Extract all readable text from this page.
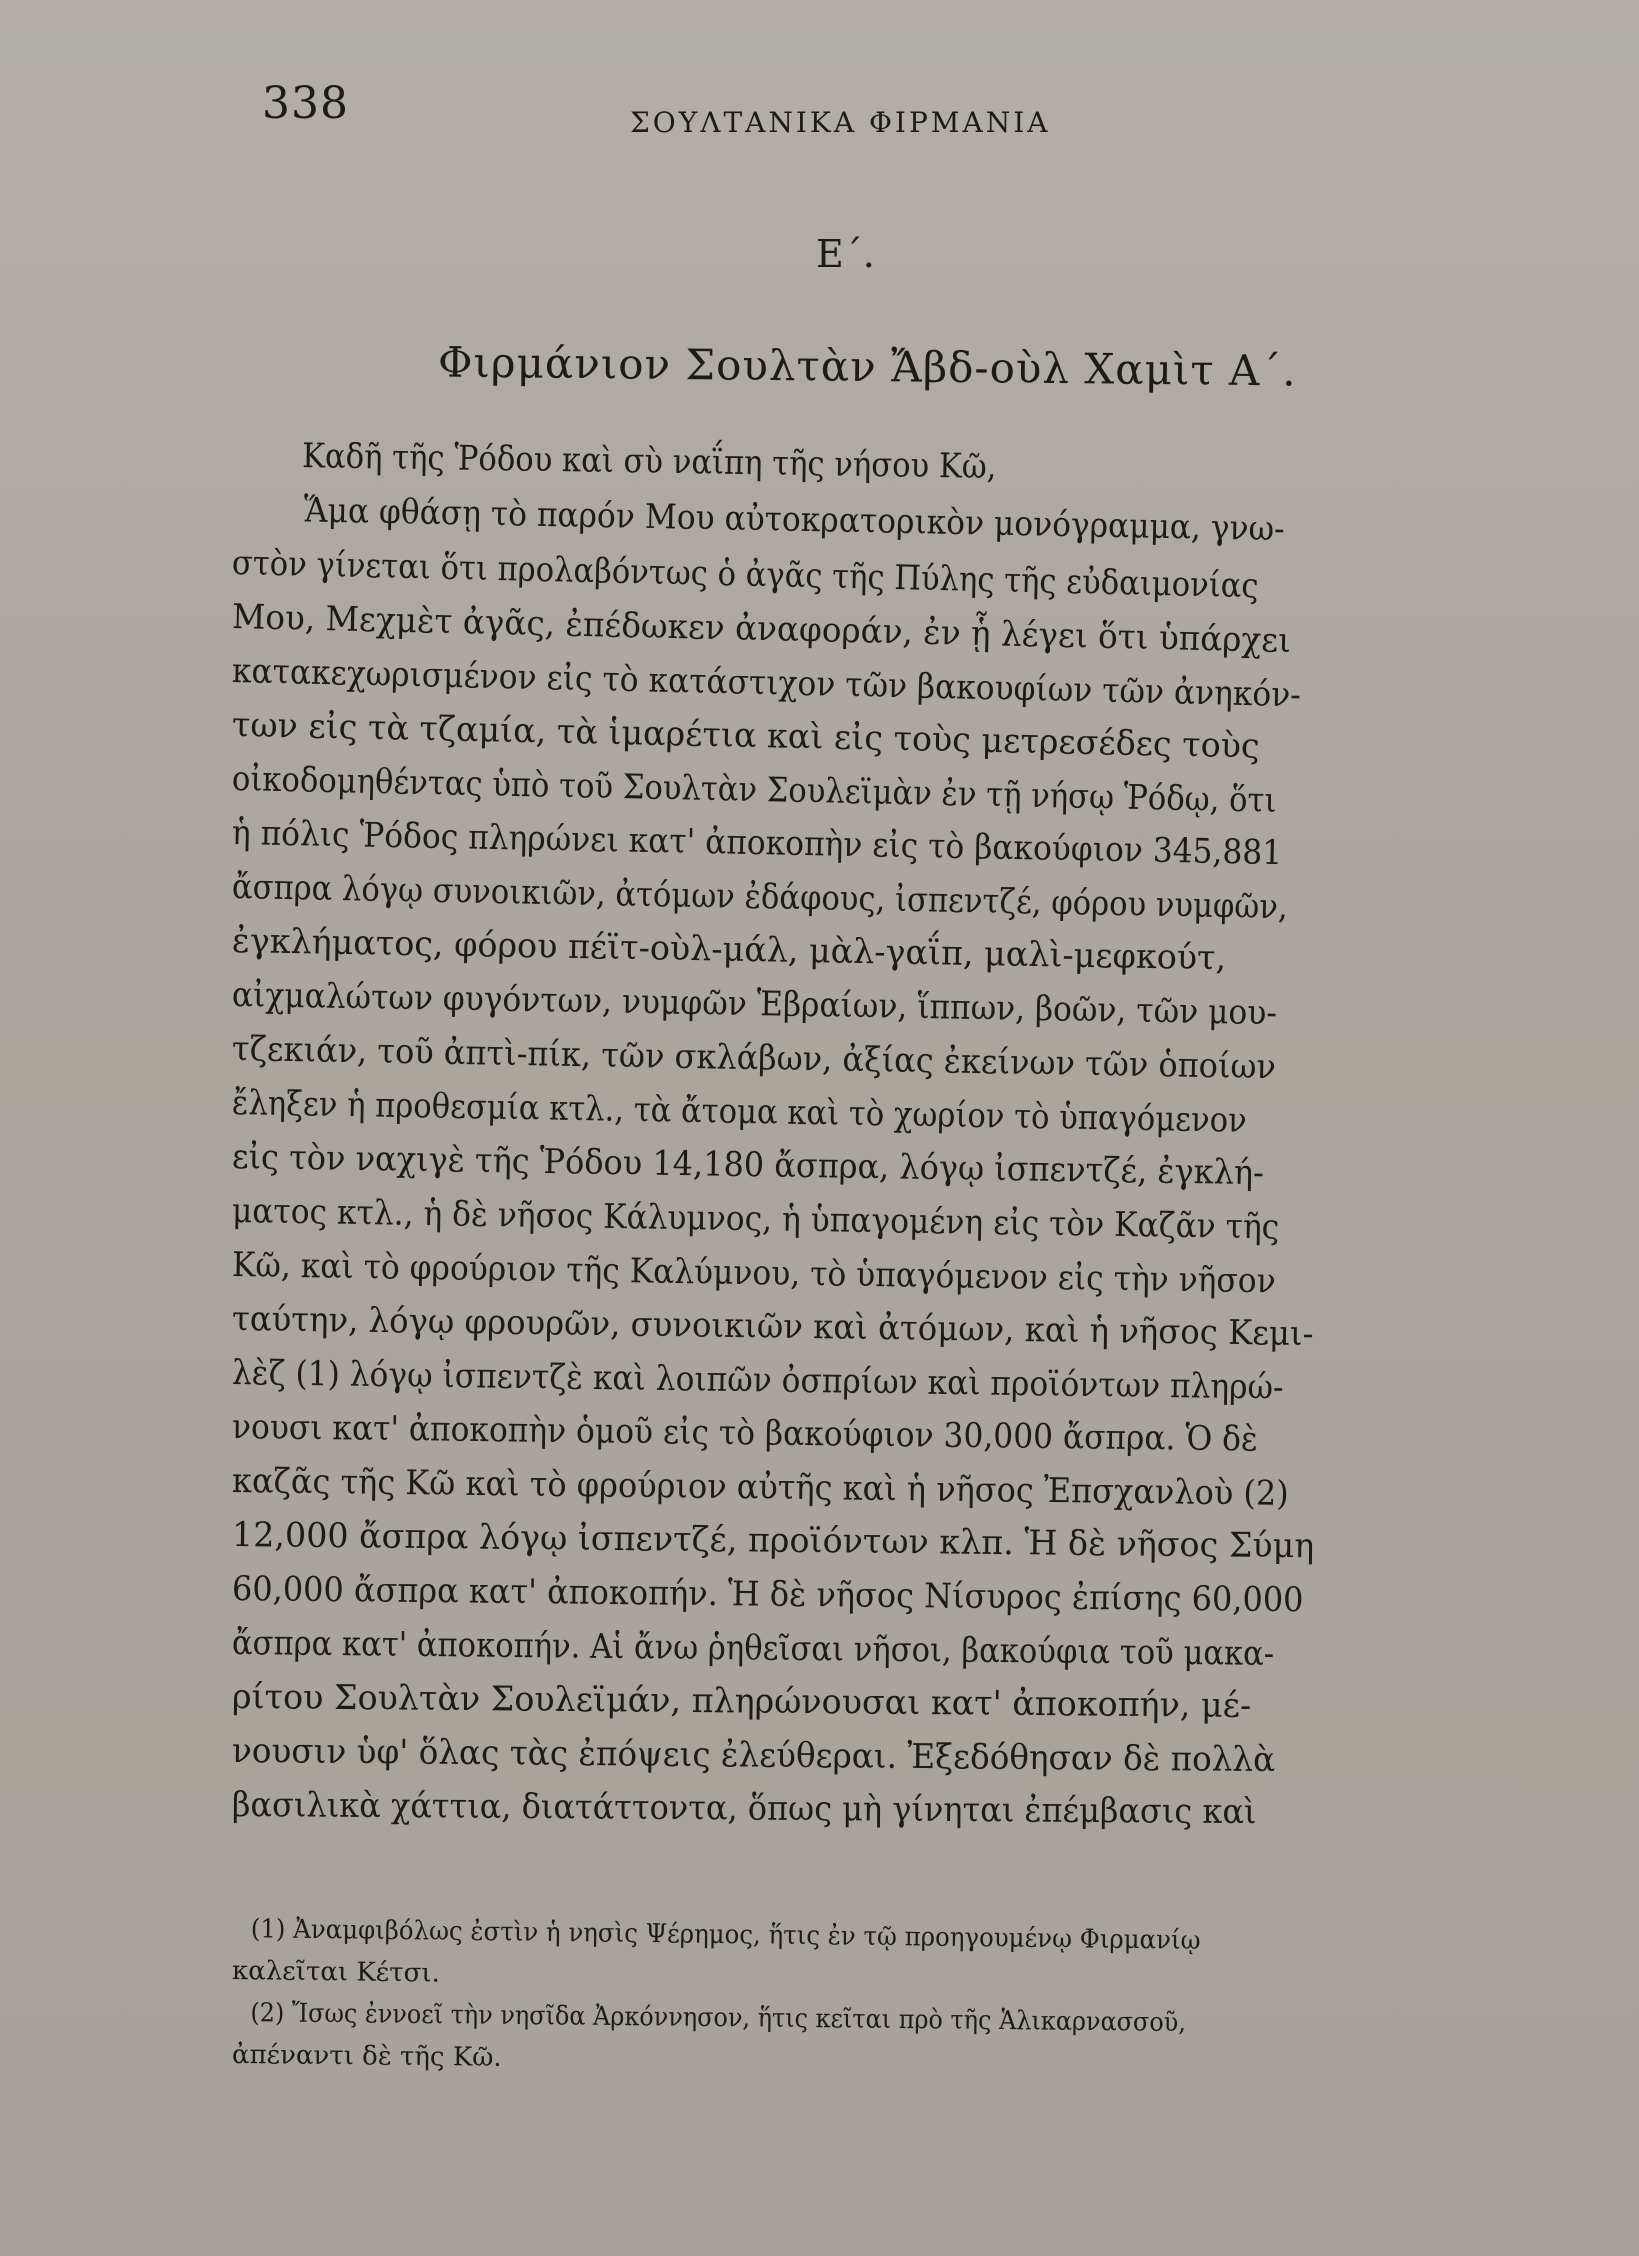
338	ΣΟΥΛΤΑΝΙΚΑ ΦΙΡΜΑΝΙΑ
Ε΄.
Φιρμάνιον Σουλτὰν Ἄβδ-οὺλ Χαμὶτ Α΄.
Καδῆ τῆς Ῥόδου καὶ σὺ ναΐπη τῆς νήσου Κῶ,
Ἅμα φθάσῃ τὸ παρόν Μου αὐτοκρατορικὸν μονόγραμμα, γνω-
στὸν γίνεται ὅτι προλαβόντως ὁ ἀγᾶς τῆς Πύλης τῆς εὐδαιμονίας
Μου, Μεχμὲτ ἀγᾶς, ἐπέδωκεν ἀναφοράν, ἐν ᾗ λέγει ὅτι ὑπάρχει
κατακεχωρισμένον εἰς τὸ κατάστιχον τῶν βακουφίων τῶν ἀνηκόν-
των εἰς τὰ τζαμία, τὰ ἱμαρέτια καὶ εἰς τοὺς μετρεσέδες τοὺς
οἰκοδομηθέντας ὑπὸ τοῦ Σουλτὰν Σουλεϊμὰν ἐν τῇ νήσῳ Ῥόδῳ, ὅτι
ἡ πόλις Ῥόδος πληρώνει κατ' ἀποκοπὴν εἰς τὸ βακούφιον 345,881
ἄσπρα λόγῳ συνοικιῶν, ἀτόμων ἐδάφους, ἰσπεντζέ, φόρου νυμφῶν,
ἐγκλήματος, φόρου πέϊτ-οὺλ-μάλ, μὰλ-γαΐπ, μαλὶ-μεφκούτ,
αἰχμαλώτων φυγόντων, νυμφῶν Ἑβραίων, ἵππων, βοῶν, τῶν μου-
τζεκιάν, τοῦ ἀπτὶ-πίκ, τῶν σκλάβων, ἀξίας ἐκείνων τῶν ὁποίων
ἔληξεν ἡ προθεσμία κτλ., τὰ ἄτομα καὶ τὸ χωρίον τὸ ὑπαγόμενον
εἰς τὸν ναχιγὲ τῆς Ῥόδου 14,180 ἄσπρα, λόγῳ ἰσπεντζέ, ἐγκλή-
ματος κτλ., ἡ δὲ νῆσος Κάλυμνος, ἡ ὑπαγομένη εἰς τὸν Καζᾶν τῆς
Κῶ, καὶ τὸ φρούριον τῆς Καλύμνου, τὸ ὑπαγόμενον εἰς τὴν νῆσον
ταύτην, λόγῳ φρουρῶν, συνοικιῶν καὶ ἀτόμων, καὶ ἡ νῆσος Κεμι-
λὲζ (1) λόγῳ ἰσπεντζὲ καὶ λοιπῶν ὀσπρίων καὶ προϊόντων πληρώ-
νουσι κατ' ἀποκοπὴν ὁμοῦ εἰς τὸ βακούφιον 30,000 ἄσπρα. Ὁ δὲ
καζᾶς τῆς Κῶ καὶ τὸ φρούριον αὐτῆς καὶ ἡ νῆσος Ἐπσχανλοὺ (2)
12,000 ἄσπρα λόγῳ ἰσπεντζέ, προϊόντων κλπ. Ἡ δὲ νῆσος Σύμη
60,000 ἄσπρα κατ' ἀποκοπήν. Ἡ δὲ νῆσος Νίσυρος ἐπίσης 60,000
ἄσπρα κατ' ἀποκοπήν. Αἱ ἄνω ῥηθεῖσαι νῆσοι, βακούφια τοῦ μακα-
ρίτου Σουλτὰν Σουλεϊμάν, πληρώνουσαι κατ' ἀποκοπήν, μέ-
νουσιν ὑφ' ὅλας τὰς ἐπόψεις ἐλεύθεραι. Ἐξεδόθησαν δὲ πολλὰ
βασιλικὰ χάττια, διατάττοντα, ὅπως μὴ γίνηται ἐπέμβασις καὶ
(1) Ἀναμφιβόλως ἐστὶν ἡ νησὶς Ψέρημος, ἥτις ἐν τῷ προηγουμένῳ Φιρμανίῳ
καλεῖται Κέτσι.
(2) Ἴσως ἐννοεῖ τὴν νησῖδα Ἀρκόννησον, ἥτις κεῖται πρὸ τῆς Ἁλικαρνασσοῦ,
ἀπέναντι δὲ τῆς Κῶ.
